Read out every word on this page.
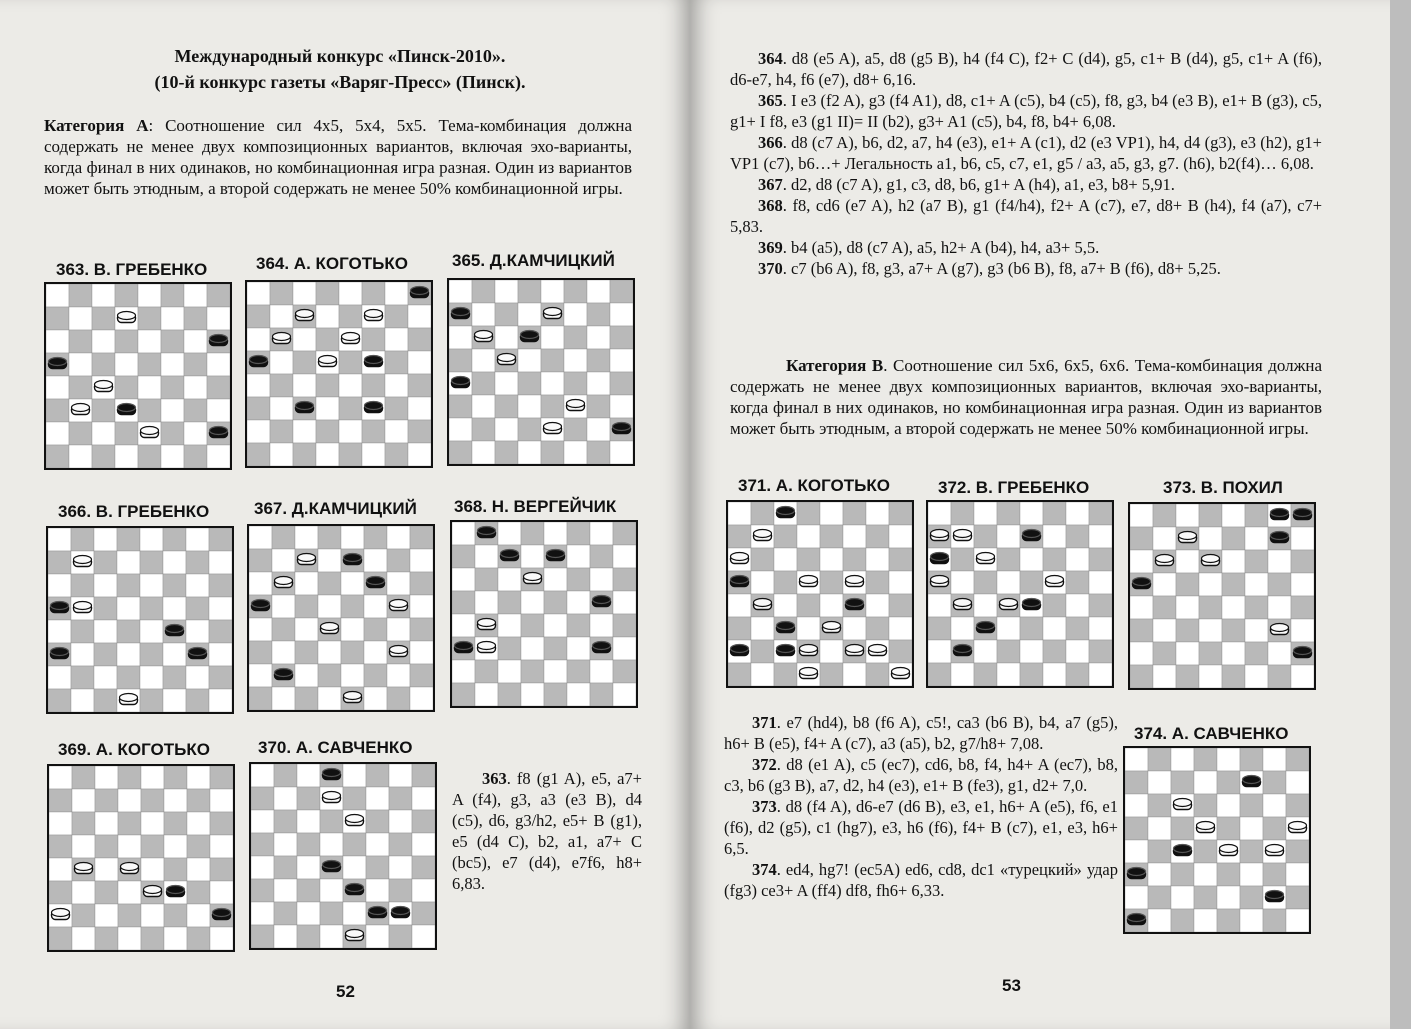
Международный конкурс «Пинск-2010».
(10-й конкурс газеты «Варяг-Пресс» (Пинск).
Категория А: Соотношение сил 4х5, 5х4, 5х5. Тема-комбинация должна содержать не менее двух композиционных вариантов, включая эхо-варианты, когда финал в них одинаков, но комбинационная игра разная. Один из вариантов может быть этюдным, а второй содержать не менее 50% комбинационной игры.
363. В. ГРЕБЕНКО	364. А. КОГОТЬКО	365. Д.КАМЧИЦКИЙ
366. В. ГРЕБЕНКО	367. Д.КАМЧИЦКИЙ 368. Н. ВЕРГЕЙЧИК
369. А. КОГОТЬКО	370. А. САВЧЕНКО

363. f8 (g1 A), e5, a7+ A (f4), g3, a3 (e3 B), d4 (c5), d6, g3/h2, e5+ B (g1), e5 (d4 C), b2, a1, a7+ C (bc5), e7 (d4), e7f6, h8+ 6,83.

52

364. d8 (e5 A), a5, d8 (g5 B), h4 (f4 C), f2+ C (d4), g5, c1+ B (d4), g5, c1+ A (f6), d6-e7, h4, f6 (e7), d8+ 6,16.

365. I e3 (f2 A), g3 (f4 A1), d8, c1+ A (c5), b4 (c5), f8, g3, b4 (e3 B), e1+ B (g3), c5, g1+ I f8, e3 (g1 II)= II (b2), g3+ A1 (c5), b4, f8, b4+ 6,08.

366. d8 (c7 A), b6, d2, a7, h4 (e3), e1+ A (c1), d2 (e3 VP1), h4, d4 (g3), e3 (h2), g1+ VP1 (c7), b6…+ Легальность a1, b6, c5, c7, e1, g5 / a3, a5, g3, g7. (h6), b2(f4)… 6,08.

367. d2, d8 (c7 A), g1, c3, d8, b6, g1+ A (h4), a1, e3, b8+ 5,91.

368. f8, cd6 (e7 A), h2 (a7 B), g1 (f4/h4), f2+ A (c7), e7, d8+ B (h4), f4 (a7), c7+ 5,83.

369. b4 (a5), d8 (c7 A), a5, h2+ A (b4), h4, a3+ 5,5.

370. c7 (b6 A), f8, g3, a7+ A (g7), g3 (b6 B), f8, a7+ B (f6), d8+ 5,25.

Категория В. Соотношение сил 5х6, 6х5, 6х6. Тема-комбинация должна содержать не менее двух композиционных вариантов, включая эхо-варианты, когда финал в них одинаков, но комбинационная игра разная. Один из вариантов может быть этюдным, а второй содержать не менее 50% комбинационной игры.
371. А. КОГОТЬКО	372. В. ГРЕБЕНКО	373. В. ПОХИЛ

371. e7 (hd4), b8 (f6 A), c5!, ca3 (b6 B), b4, a7 (g5), h6+ B (e5), f4+ A (c7), a3 (a5), b2, g7/h8+ 7,08.

372. d8 (e1 A), c5 (ec7), cd6, b8, f4, h4+ A (ec7), b8, c3, b6 (g3 B), a7, d2, h4 (e3), e1+ B (fe3), g1, d2+ 7,0.

373. d8 (f4 A), d6-e7 (d6 B), e3, e1, h6+ A (e5), f6, e1 (f6), d2 (g5), c1 (hg7), e3, h6 (f6), f4+ B (c7), e1, e3, h6+ 6,5.

374. ed4, hg7! (ec5A) ed6, cd8, dc1 «турецкий» удар (fg3) ce3+ A (ff4) df8, fh6+ 6,33.

374. А. САВЧЕНКО
53
